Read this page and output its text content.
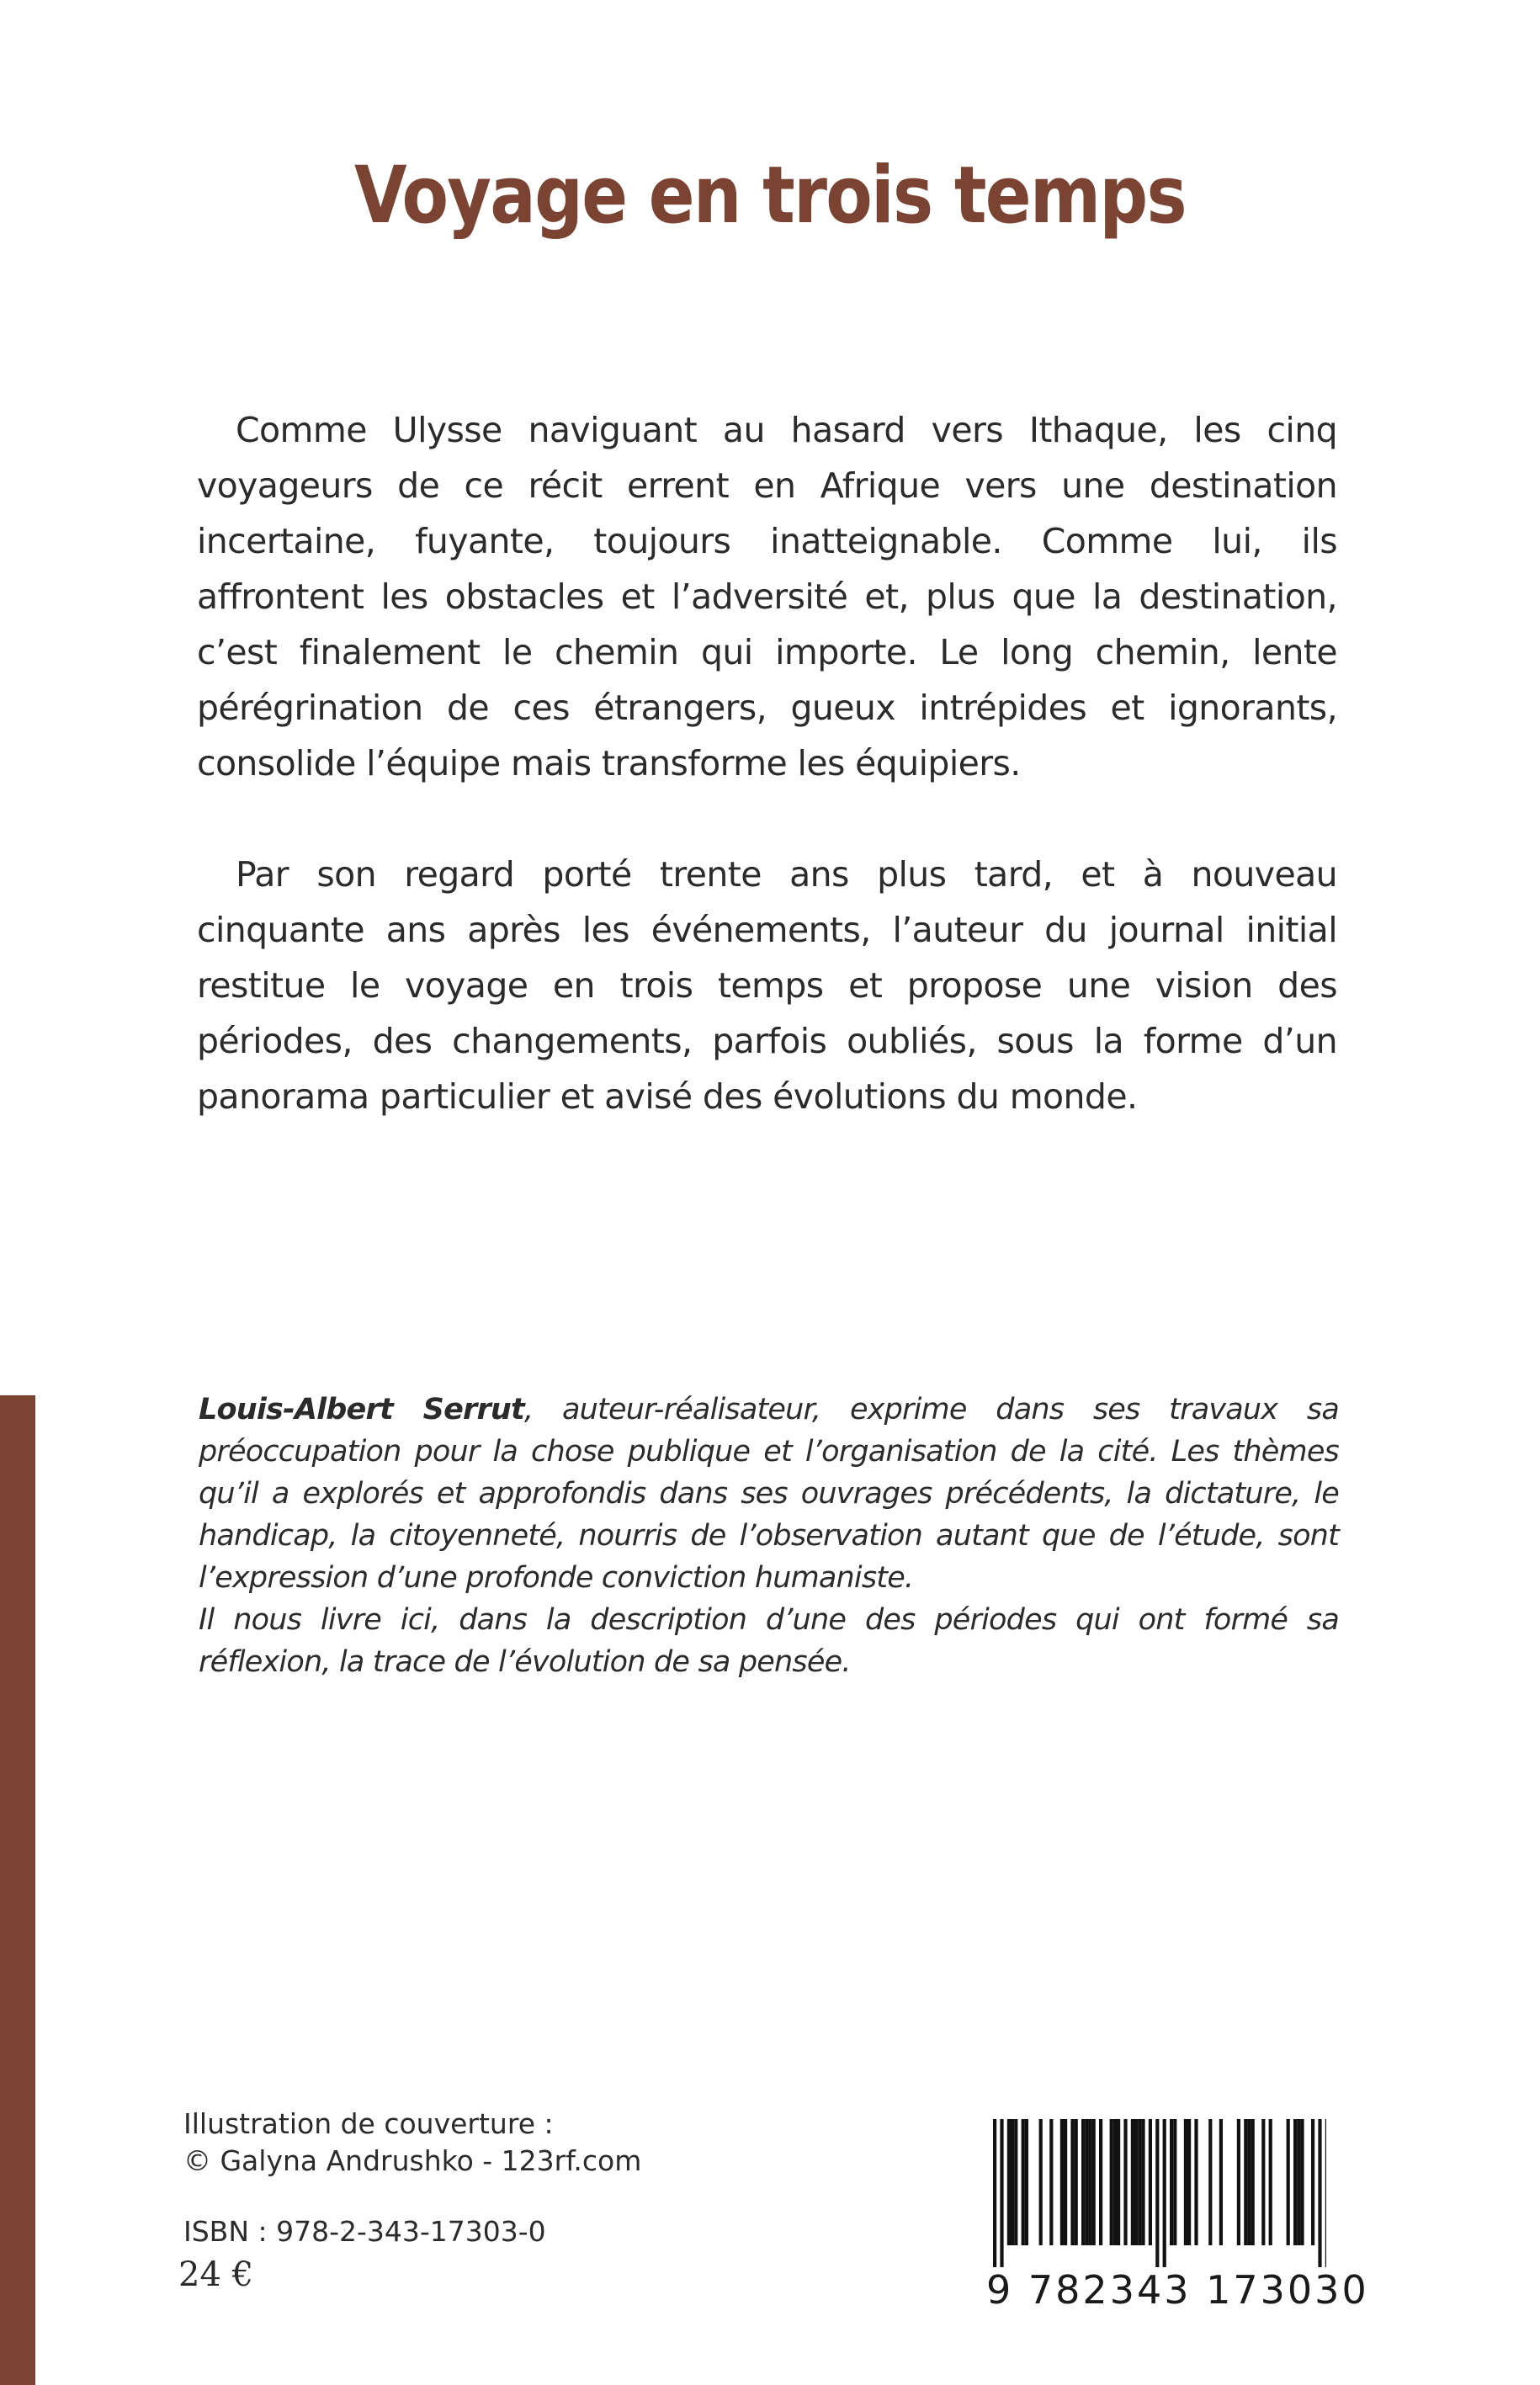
Voyage en trois temps

Comme Ulysse naviguant au hasard vers Ithaque, les cinq voyageurs de ce récit errent en Afrique vers une destination incertaine, fuyante, toujours inatteignable. Comme lui, ils affrontent les obstacles et l’adversité et, plus que la destination, c’est finalement le chemin qui importe. Le long chemin, lente pérégrination de ces étrangers, gueux intrépides et ignorants, consolide l’équipe mais transforme les équipiers.

Par son regard porté trente ans plus tard, et à nouveau cinquante ans après les événements, l’auteur du journal initial restitue le voyage en trois temps et propose une vision des périodes, des changements, parfois oubliés, sous la forme d’un panorama particulier et avisé des évolutions du monde.

Louis-Albert Serrut, auteur-réalisateur, exprime dans ses travaux sa préoccupation pour la chose publique et l’organisation de la cité. Les thèmes qu’il a explorés et approfondis dans ses ouvrages précédents, la dictature, le handicap, la citoyenneté, nourris de l’observation autant que de l’étude, sont l’expression d’une profonde conviction humaniste.

Il nous livre ici, dans la description d’une des périodes qui ont formé sa réflexion, la trace de l’évolution de sa pensée.

Illustration de couverture :
© Galyna Andrushko - 123rf.com
ISBN : 978-2-343-17303-0
24 €	9 782343 173030
